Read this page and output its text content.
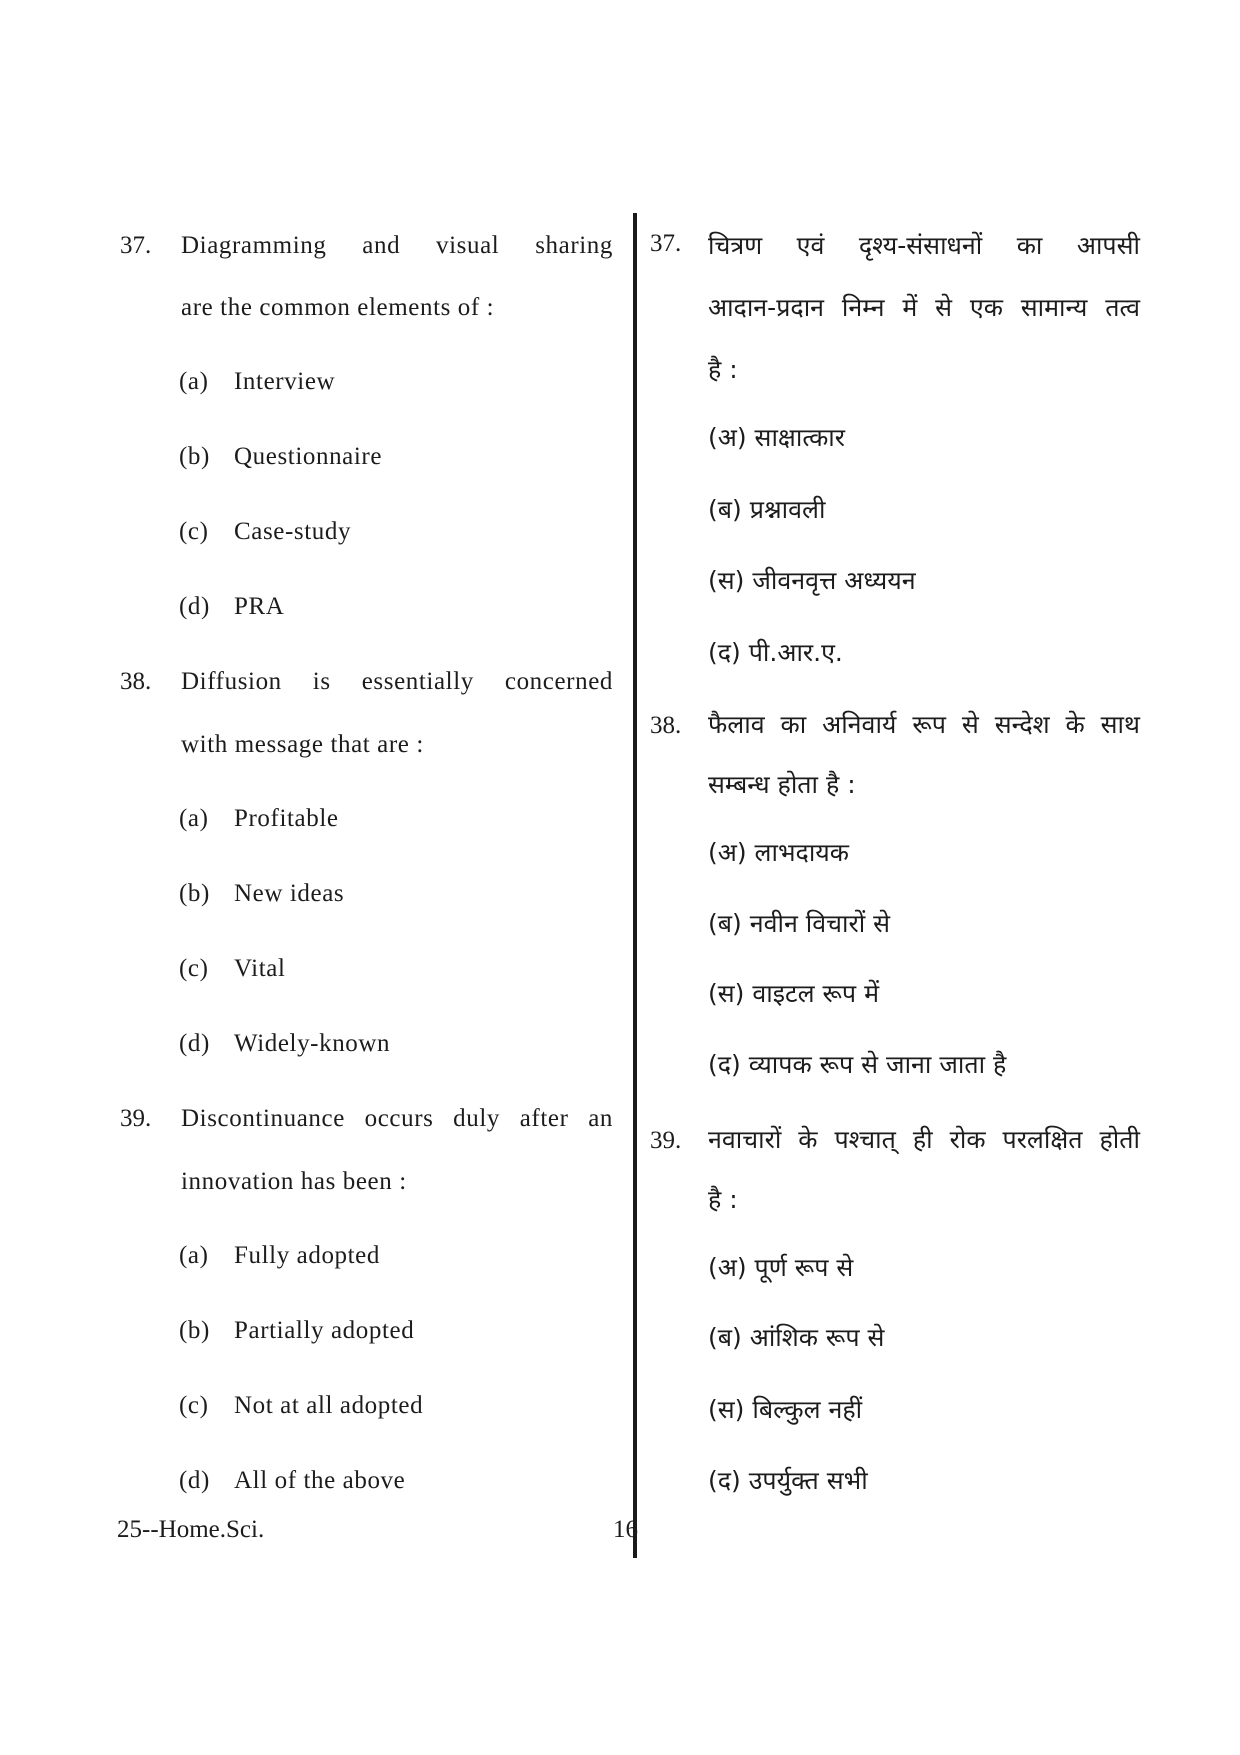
37. Diagramming and visual sharing
are the common elements of :
(a) Interview
(b) Questionnaire
(c) Case-study
(d) PRA
38. Diffusion is essentially concerned
with message that are :
(a) Profitable
(b) New ideas
(c) Vital
(d) Widely-known
39. Discontinuance occurs duly after an
innovation has been :
(a) Fully adopted
(b) Partially adopted
(c) Not at all adopted
(d) All of the above
37. चित्रण एवं दृश्य-संसाधनों का आपसी
आदान-प्रदान निम्न में से एक सामान्य तत्व
है :
(अ) साक्षात्कार
(ब) प्रश्नावली
(स) जीवनवृत्त अध्ययन
(द) पी.आर.ए.
38. फैलाव का अनिवार्य रूप से सन्देश के साथ
सम्बन्ध होता है :
(अ) लाभदायक
(ब) नवीन विचारों से
(स) वाइटल रूप में
(द) व्यापक रूप से जाना जाता है
39. नवाचारों के पश्चात् ही रोक परलक्षित होती
है :
(अ) पूर्ण रूप से
(ब) आंशिक रूप से
(स) बिल्कुल नहीं
(द) उपर्युक्त सभी
25--Home.Sci.	16
